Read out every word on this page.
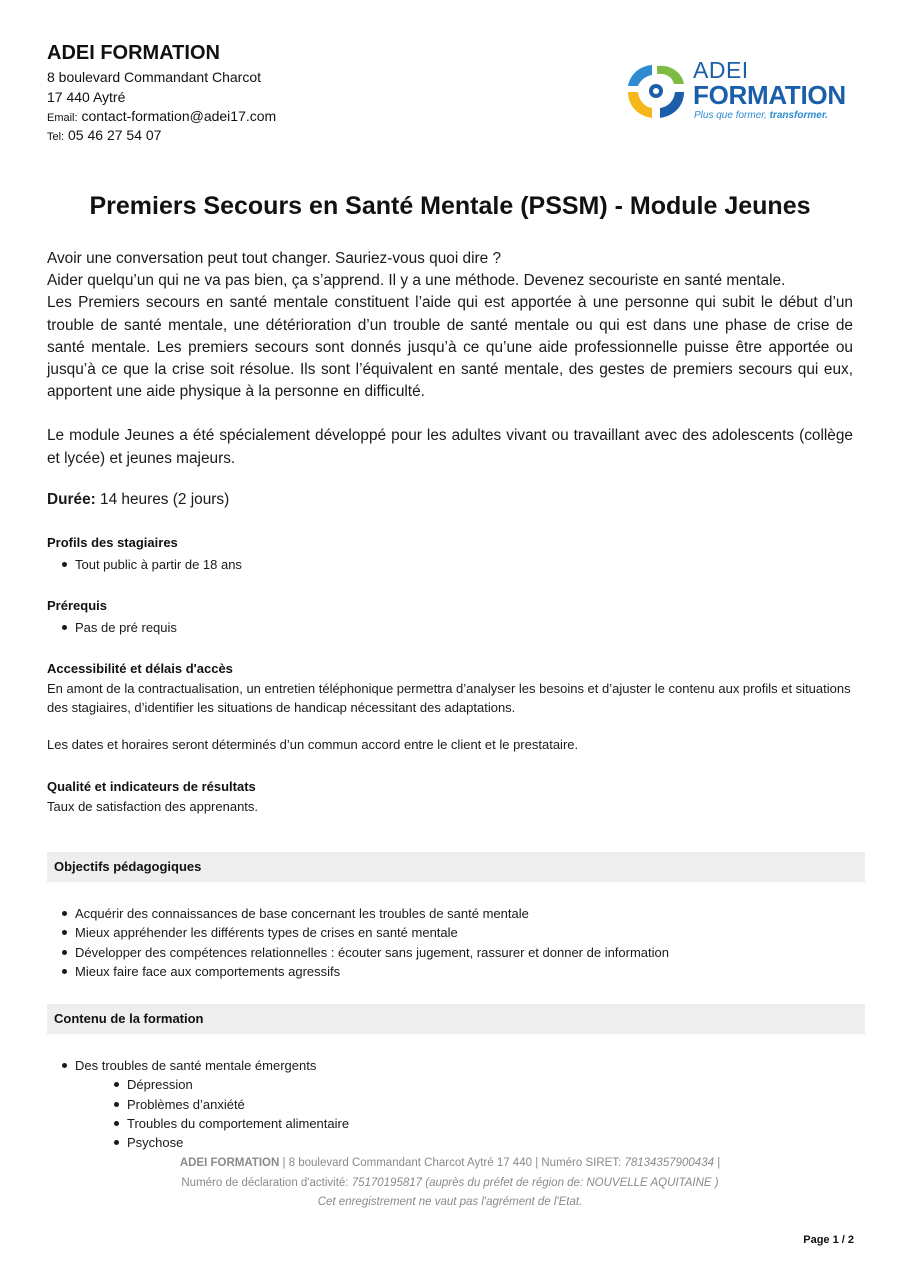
ADEI FORMATION
8 boulevard Commandant Charcot
17 440 Aytré
Email: contact-formation@adei17.com
Tel: 05 46 27 54 07
ADEI
FORMATION
Plus que former, transformer.
Premiers Secours en Santé Mentale (PSSM) - Module Jeunes

Avoir une conversation peut tout changer. Sauriez-vous quoi dire ?

Aider quelqu’un qui ne va pas bien, ça s’apprend. Il y a une méthode. Devenez secouriste en santé mentale.

Les Premiers secours en santé mentale constituent l’aide qui est apportée à une personne qui subit le début d’un trouble de santé mentale, une détérioration d’un trouble de santé mentale ou qui est dans une phase de crise de santé mentale. Les premiers secours sont donnés jusqu’à ce qu’une aide professionnelle puisse être apportée ou jusqu’à ce que la crise soit résolue. Ils sont l’équivalent en santé mentale, des gestes de premiers secours qui eux, apportent une aide physique à la personne en difficulté.

Le module Jeunes a été spécialement développé pour les adultes vivant ou travaillant avec des adolescents (collège et lycée) et jeunes majeurs.

Durée: 14 heures (2 jours)
Profils des stagiaires
Tout public à partir de 18 ans
Prérequis
Pas de pré requis
Accessibilité et délais d'accès
En amont de la contractualisation, un entretien téléphonique permettra d’analyser les besoins et d’ajuster le contenu aux profils et situations des stagiaires, d’identifier les situations de handicap nécessitant des adaptations.
Les dates et horaires seront déterminés d’un commun accord entre le client et le prestataire.
Qualité et indicateurs de résultats
Taux de satisfaction des apprenants.
Objectifs pédagogiques
Acquérir des connaissances de base concernant les troubles de santé mentale
Mieux appréhender les différents types de crises en santé mentale
Développer des compétences relationnelles : écouter sans jugement, rassurer et donner de information
Mieux faire face aux comportements agressifs
Contenu de la formation
Des troubles de santé mentale émergents
Dépression
Problèmes d’anxiété
Troubles du comportement alimentaire
Psychose
ADEI FORMATION | 8 boulevard Commandant Charcot Aytré 17 440 | Numéro SIRET: 78134357900434 |
Numéro de déclaration d'activité: 75170195817 (auprès du préfet de région de: NOUVELLE AQUITAINE )
Cet enregistrement ne vaut pas l'agrément de l'Etat.
Page 1 / 2
